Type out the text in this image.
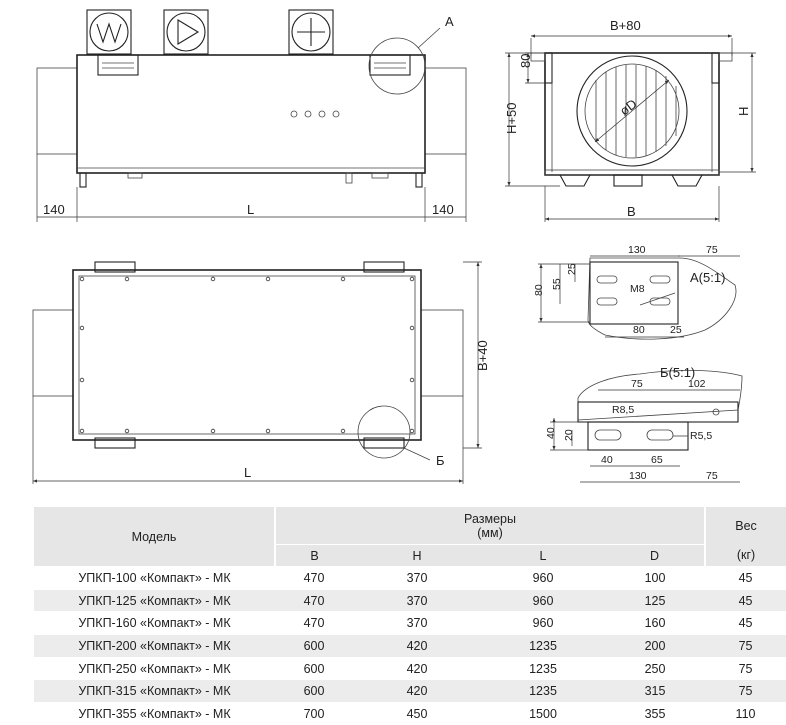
А
140	L	140
øD
B+80
80
H+50	H
B
Б
B+40
L
130	75
80
55
25
M8
А(5:1)
80 25
Б(5:1)
75	102
R8,5
R5,5
40 20
40	65
130	75
Модель	Размеры
(мм)				Вес
	B	H	L	D	(кг)
УПКП-100 «Компакт» - МК	470	370	960	100	45
УПКП-125 «Компакт» - МК	470	370	960	125	45
УПКП-160 «Компакт» - МК	470	370	960	160	45
УПКП-200 «Компакт» - МК	600	420	1235	200	75
УПКП-250 «Компакт» - МК	600	420	1235	250	75
УПКП-315 «Компакт» - МК	600	420	1235	315	75
УПКП-355 «Компакт» - МК	700	450	1500	355	110
